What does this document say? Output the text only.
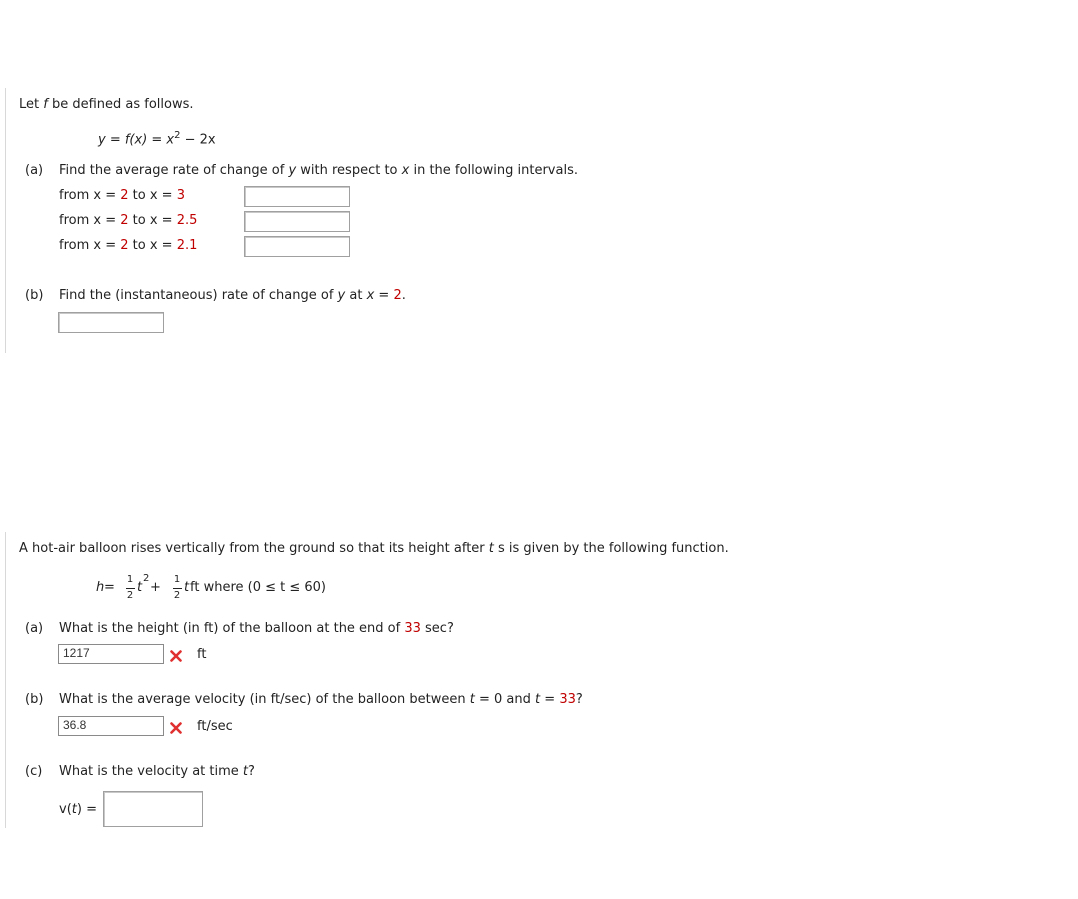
Let f be defined as follows.
$y = f(x) = x^2 - 2x$
(a) Find the average rate of change of y with respect to x in the following intervals.
from x = 2 to x = 3
from x = 2 to x = 2.5
from x = 2 to x = 2.1
(b) Find the (instantaneous) rate of change of y at x = 2.
A hot-air balloon rises vertically from the ground so that its height after t s is given by the following function.
h =
1
2
t
2
+
1
2
t ft where (0 ≤ t ≤ 60)
(a) What is the height (in ft) of the balloon at the end of 33 sec?
1217	ft
(b) What is the average velocity (in ft/sec) of the balloon between t = 0 and t = 33?
36.8	ft/sec
(c) What is the velocity at time t?
v(t) =
